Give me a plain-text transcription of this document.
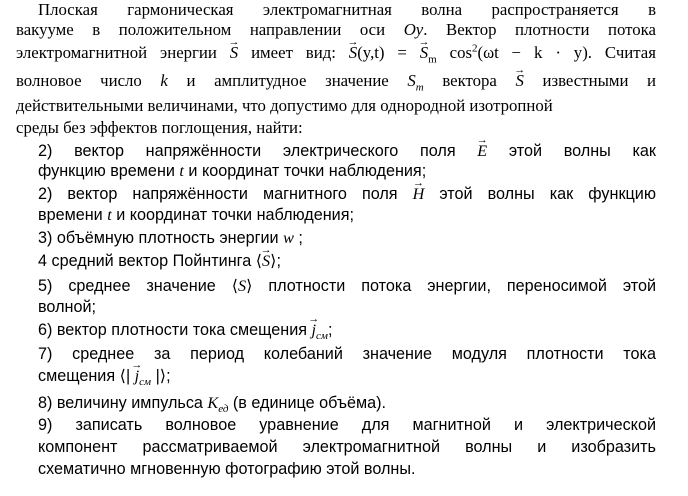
Плоская гармоническая электромагнитная волна распространяется в
вакууме в положительном направлении оси Oy. Вектор плотности потока
электромагнитной энергии → S имеет вид: → S(y,t) = → $S_m$ $\cos^2(\omega t - k \cdot y)$. Считая
волновое число k и амплитудное значение $S_m$ вектора → S известными и
действительными величинами, что допустимо для однородной изотропной
среды без эффектов поглощения, найти:
2) вектор напряжённости электрического поля → E этой волны как
функцию времени t и координат точки наблюдения;
2) вектор напряжённости магнитного поля → H этой волны как функцию
времени t и координат точки наблюдения;
3) объёмную плотность энергии w ;
4 средний вектор Пойнтинга ⟨→ S⟩;
5) среднее значение ⟨S⟩ плотности потока энергии, переносимой этой
волной;
6) вектор плотности тока смещения → $j_{см}$;
7) среднее за период колебаний значение модуля плотности тока
смещения ⟨| → $j_{см}$ |⟩;
8) величину импульса $K_{ед}$ (в единице объёма).
9) записать волновое уравнение для магнитной и электрической
компонент рассматриваемой электромагнитной волны и изобразить
схематично мгновенную фотографию этой волны.
